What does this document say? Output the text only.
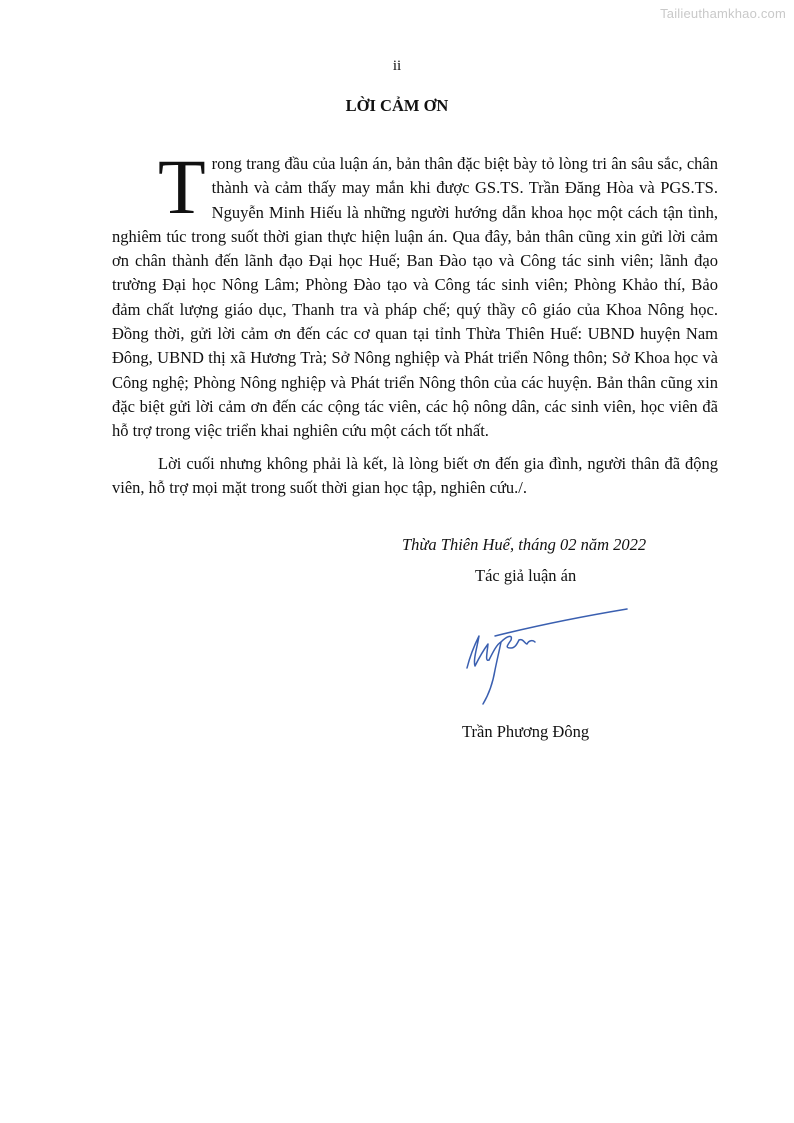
Tailieuthamkhao.com
ii
LỜI CẢM ƠN

Trong trang đầu của luận án, bản thân đặc biệt bày tỏ lòng tri ân sâu sắc, chân thành và cảm thấy may mắn khi được GS.TS. Trần Đăng Hòa và PGS.TS. Nguyễn Minh Hiếu là những người hướng dẫn khoa học một cách tận tình, nghiêm túc trong suốt thời gian thực hiện luận án. Qua đây, bản thân cũng xin gửi lời cảm ơn chân thành đến lãnh đạo Đại học Huế; Ban Đào tạo và Công tác sinh viên; lãnh đạo trường Đại học Nông Lâm; Phòng Đào tạo và Công tác sinh viên; Phòng Khảo thí, Bảo đảm chất lượng giáo dục, Thanh tra và pháp chế; quý thầy cô giáo của Khoa Nông học. Đồng thời, gửi lời cảm ơn đến các cơ quan tại tỉnh Thừa Thiên Huế: UBND huyện Nam Đông, UBND thị xã Hương Trà; Sở Nông nghiệp và Phát triển Nông thôn; Sở Khoa học và Công nghệ; Phòng Nông nghiệp và Phát triển Nông thôn của các huyện. Bản thân cũng xin đặc biệt gửi lời cảm ơn đến các cộng tác viên, các hộ nông dân, các sinh viên, học viên đã hỗ trợ trong việc triển khai nghiên cứu một cách tốt nhất.

Lời cuối nhưng không phải là kết, là lòng biết ơn đến gia đình, người thân đã động viên, hỗ trợ mọi mặt trong suốt thời gian học tập, nghiên cứu./.

Thừa Thiên Huế, tháng 02 năm 2022
Tác giả luận án
Trần Phương Đông
